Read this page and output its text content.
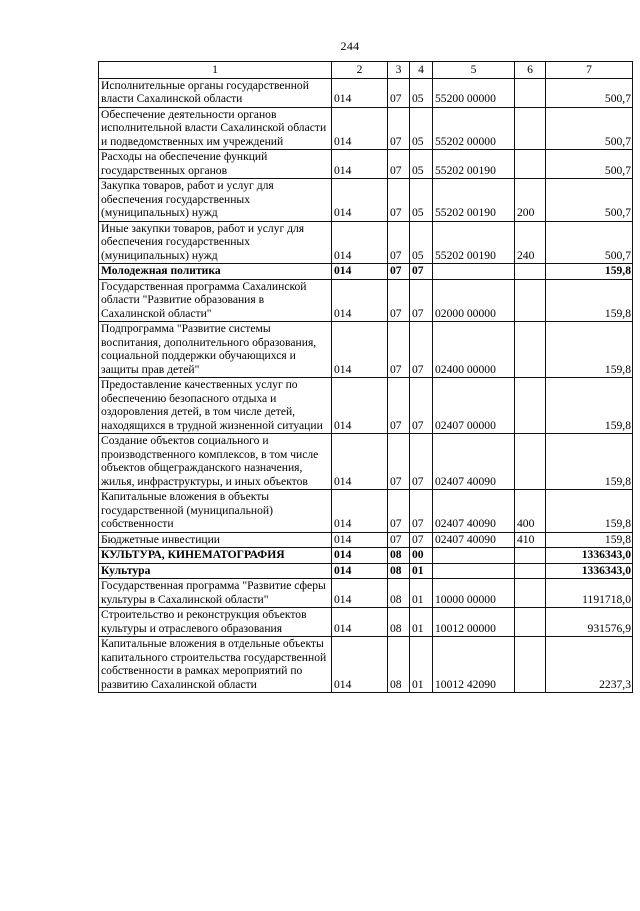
244
1	2	3	4	5	6	7
Исполнительные органы государственной власти Сахалинской области	014	07	05	55200 00000		500,7
Обеспечение деятельности органов исполнительной власти Сахалинской области и подведомственных им учреждений	014	07	05	55202 00000		500,7
Расходы на обеспечение функций государственных органов	014	07	05	55202 00190		500,7
Закупка товаров, работ и услуг для обеспечения государственных (муниципальных) нужд	014	07	05	55202 00190	200	500,7
Иные закупки товаров, работ и услуг для обеспечения государственных (муниципальных) нужд	014	07	05	55202 00190	240	500,7
Молодежная политика	014	07	07			159,8
Государственная программа Сахалинской области "Развитие образования в Сахалинской области"	014	07	07	02000 00000		159,8
Подпрограмма "Развитие системы воспитания, дополнительного образования, социальной поддержки обучающихся и защиты прав детей"	014	07	07	02400 00000		159,8
Предоставление качественных услуг по обеспечению безопасного отдыха и оздоровления детей, в том числе детей, находящихся в трудной жизненной ситуации	014	07	07	02407 00000		159,8
Создание объектов социального и производственного комплексов, в том числе объектов общегражданского назначения, жилья, инфраструктуры, и иных объектов	014	07	07	02407 40090		159,8
Капитальные вложения в объекты государственной (муниципальной) собственности	014	07	07	02407 40090	400	159,8
Бюджетные инвестиции	014	07	07	02407 40090	410	159,8
КУЛЬТУРА, КИНЕМАТОГРАФИЯ	014	08	00			1336343,0
Культура	014	08	01			1336343,0
Государственная программа "Развитие сферы культуры в Сахалинской области"	014	08	01	10000 00000		1191718,0
Строительство и реконструкция объектов культуры и отраслевого образования	014	08	01	10012 00000		931576,9
Капитальные вложения в отдельные объекты капитального строительства государственной собственности в рамках мероприятий по развитию Сахалинской области	014	08	01	10012 42090		2237,3
